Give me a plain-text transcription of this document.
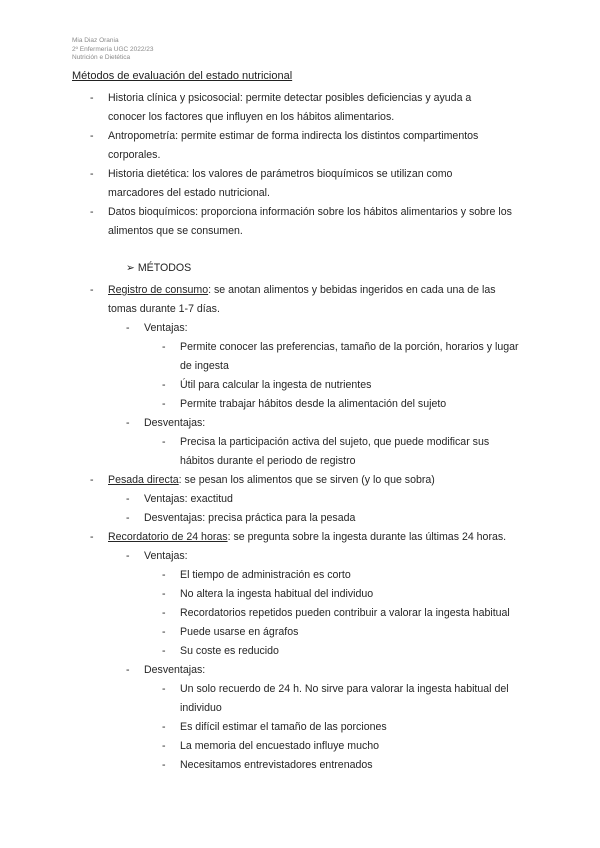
Mia Diaz Orania
2º Enfermería UGC 2022/23
Nutrición e Dietética
Métodos de evaluación del estado nutricional
-	Historia clínica y psicosocial: permite detectar posibles deficiencias y ayuda a conocer los factores que influyen en los hábitos alimentarios.
-	Antropometría: permite estimar de forma indirecta los distintos compartimentos corporales.
-	Historia dietética: los valores de parámetros bioquímicos se utilizan como marcadores del estado nutricional.
-	Datos bioquímicos: proporciona información sobre los hábitos alimentarios y sobre los alimentos que se consumen.
➢ MÉTODOS
-	Registro de consumo: se anotan alimentos y bebidas ingeridos en cada una de las tomas durante 1-7 días.
-	Ventajas:
-	Permite conocer las preferencias, tamaño de la porción, horarios y lugar de ingesta
-	Útil para calcular la ingesta de nutrientes
-	Permite trabajar hábitos desde la alimentación del sujeto
-	Desventajas:
-	Precisa la participación activa del sujeto, que puede modificar sus hábitos durante el periodo de registro
-	Pesada directa: se pesan los alimentos que se sirven (y lo que sobra)
-	Ventajas: exactitud
-	Desventajas: precisa práctica para la pesada
-	Recordatorio de 24 horas: se pregunta sobre la ingesta durante las últimas 24 horas.
-	Ventajas:
-	El tiempo de administración es corto
-	No altera la ingesta habitual del individuo
-	Recordatorios repetidos pueden contribuir a valorar la ingesta habitual
-	Puede usarse en ágrafos
-	Su coste es reducido
-	Desventajas:
-	Un solo recuerdo de 24 h. No sirve para valorar la ingesta habitual del individuo
-	Es difícil estimar el tamaño de las porciones
-	La memoria del encuestado influye mucho
-	Necesitamos entrevistadores entrenados
